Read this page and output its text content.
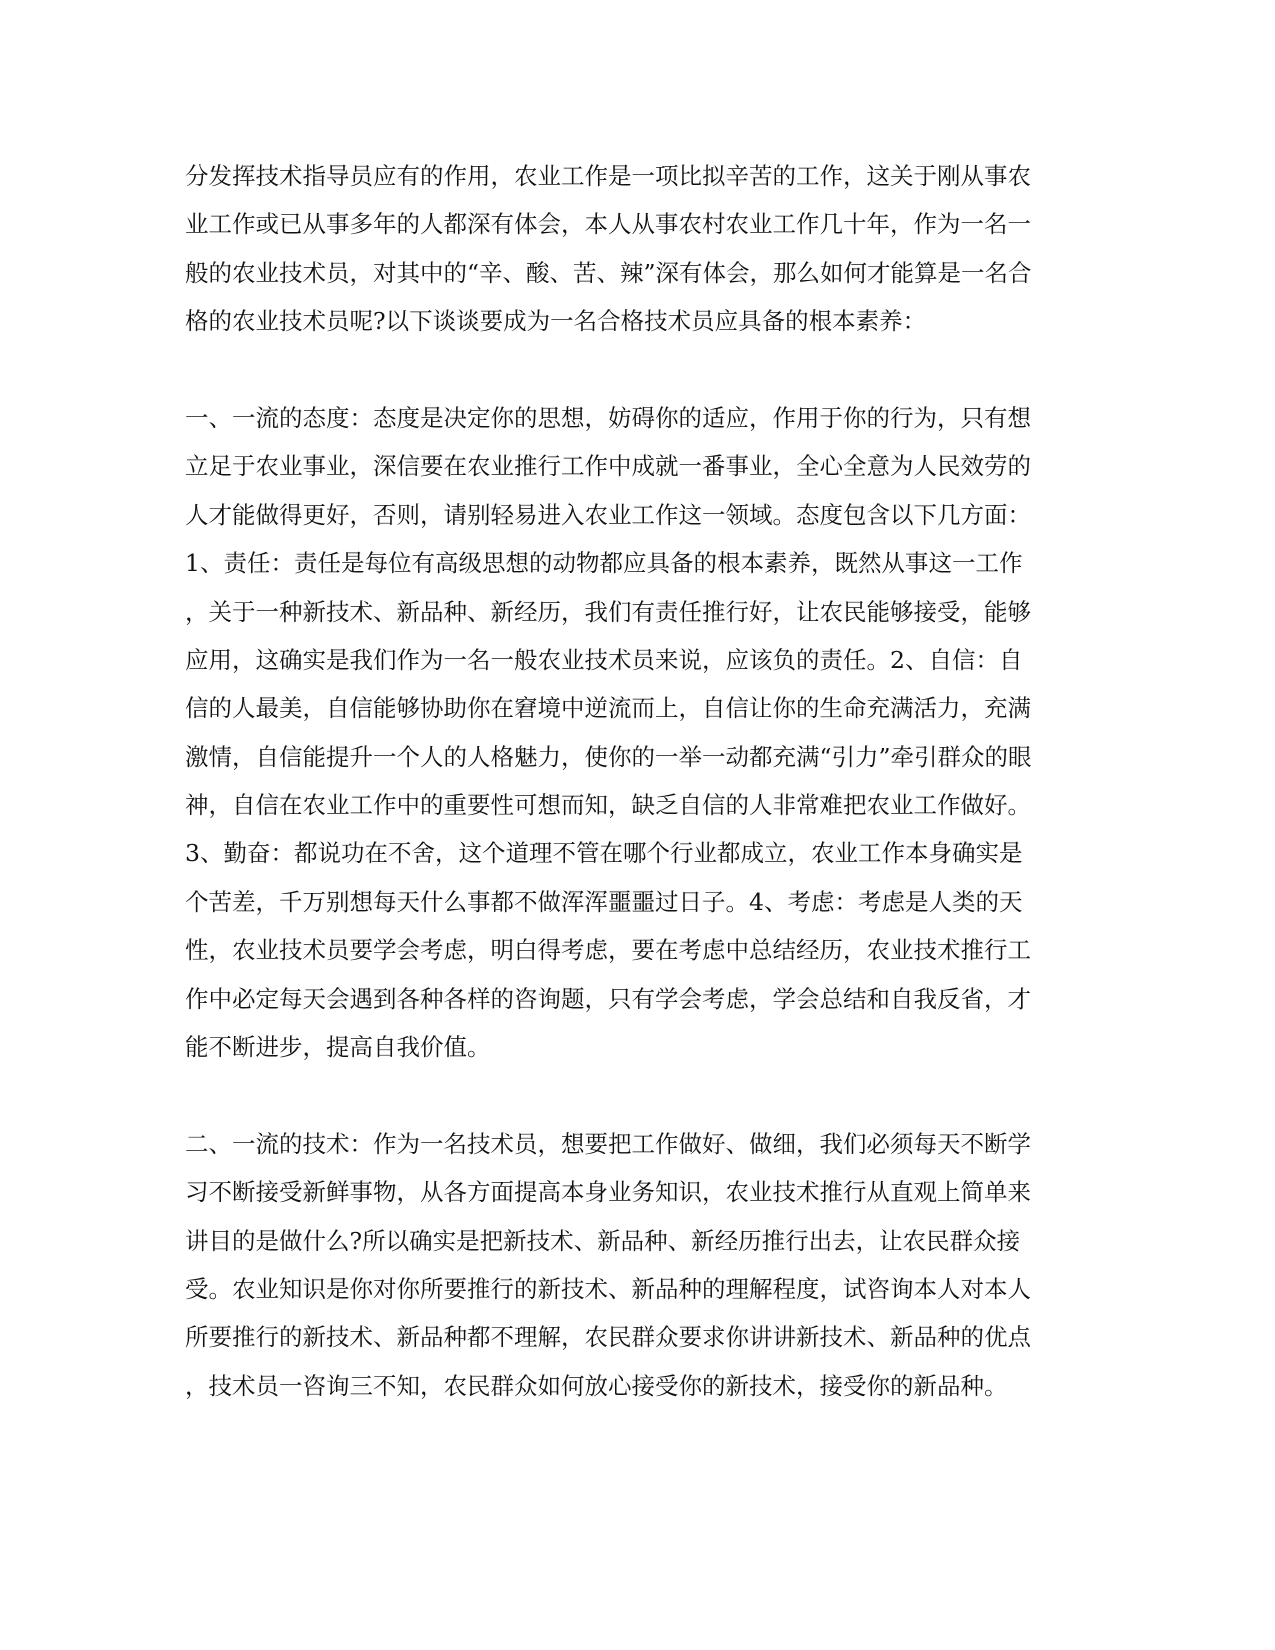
分发挥技术指导员应有的作用，农业工作是一项比拟辛苦的工作，这关于刚从事农
业工作或已从事多年的人都深有体会，本人从事农村农业工作几十年，作为一名一
般的农业技术员，对其中的“辛、酸、苦、辣”深有体会，那么如何才能算是一名合
格的农业技术员呢?以下谈谈要成为一名合格技术员应具备的根本素养：
一、一流的态度：态度是决定你的思想，妨碍你的适应，作用于你的行为，只有想
立足于农业事业，深信要在农业推行工作中成就一番事业，全心全意为人民效劳的
人才能做得更好，否则，请别轻易进入农业工作这一领域。态度包含以下几方面：
1、责任：责任是每位有高级思想的动物都应具备的根本素养，既然从事这一工作
，关于一种新技术、新品种、新经历，我们有责任推行好，让农民能够接受，能够
应用，这确实是我们作为一名一般农业技术员来说，应该负的责任。2、自信：自
信的人最美，自信能够协助你在窘境中逆流而上，自信让你的生命充满活力，充满
激情，自信能提升一个人的人格魅力，使你的一举一动都充满“引力”牵引群众的眼
神，自信在农业工作中的重要性可想而知，缺乏自信的人非常难把农业工作做好。
3、勤奋：都说功在不舍，这个道理不管在哪个行业都成立，农业工作本身确实是
个苦差，千万别想每天什么事都不做浑浑噩噩过日子。4、考虑：考虑是人类的天
性，农业技术员要学会考虑，明白得考虑，要在考虑中总结经历，农业技术推行工
作中必定每天会遇到各种各样的咨询题，只有学会考虑，学会总结和自我反省，才
能不断进步，提高自我价值。
二、一流的技术：作为一名技术员，想要把工作做好、做细，我们必须每天不断学
习不断接受新鲜事物，从各方面提高本身业务知识，农业技术推行从直观上简单来
讲目的是做什么?所以确实是把新技术、新品种、新经历推行出去，让农民群众接
受。农业知识是你对你所要推行的新技术、新品种的理解程度，试咨询本人对本人
所要推行的新技术、新品种都不理解，农民群众要求你讲讲新技术、新品种的优点
，技术员一咨询三不知，农民群众如何放心接受你的新技术，接受你的新品种。
